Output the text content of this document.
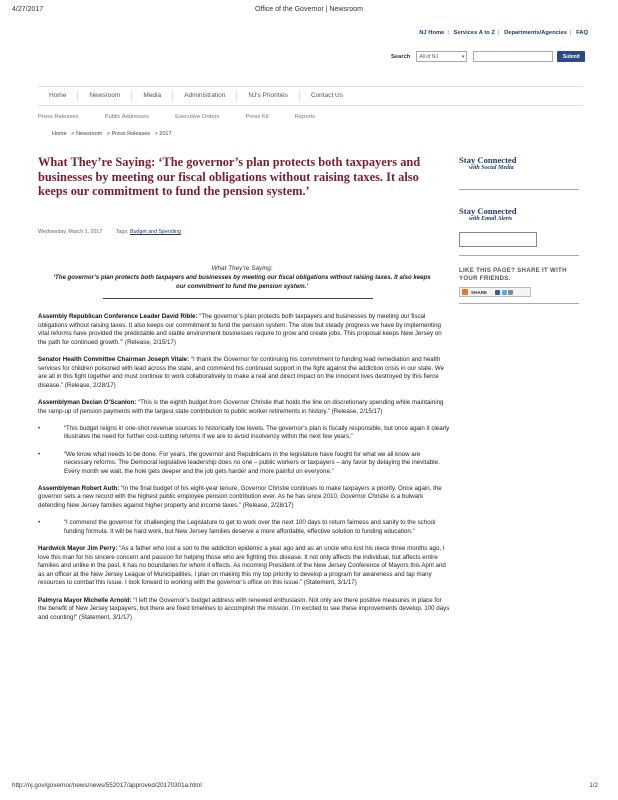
4/27/2017	Office of the Governor | Newsroom
NJ Home | Services A to Z | Departments/Agencies | FAQ
Search All of NJ	▾	Submit
Home	Newsroom	Media	Administration	NJ's Priorities	Contact Us
Press Releases	Public Addresses	Executive Orders	Press Kit	Reports
Home > Newsroom > Press Releases > 2017
What They’re Saying: ‘The governor’s plan protects both taxpayers and businesses by meeting our fiscal obligations without raising taxes. It also keeps our commitment to fund the pension system.’
Wednesday, March 1, 2017	Tags: Budget and Spending
What They’re Saying:
‘The governor’s plan protects both taxpayers and businesses by meeting our fiscal obligations without raising taxes. It also keeps our commitment to fund the pension system.’

Assembly Republican Conference Leader David Rible: “The governor’s plan protects both taxpayers and businesses by meeting our fiscal obligations without raising taxes. It also keeps our commitment to fund the pension system. The slow but steady progress we have by implementing vital reforms have provided the predictable and stable environment businesses require to grow and create jobs. This proposal keeps New Jersey on the path for continued growth.’” (Release, 2/15/17)

Senator Health Committee Chairman Joseph Vitale: “I thank the Governor for continuing his commitment to funding lead remediation and health services for children poisoned with lead across the state, and commend his continued support in the fight against the addiction crisis in our state. We are all in this fight together and must continue to work collaboratively to make a real and direct impact on the innocent lives destroyed by this fierce disease.” (Release, 2/28/17)

Assemblyman Declan O’Scanlon: “This is the eighth budget from Governor Christie that holds the line on discretionary spending while maintaining the ramp-up of pension payments with the largest state contribution to public worker retirements in history.” (Release, 2/15/17)

•	“This budget reigns in one-shot revenue sources to historically low levels. The governor’s plan is fiscally responsible, but once again it clearly illustrates the need for further cost-cutting reforms if we are to avoid insolvency within the next few years.”

•	“We know what needs to be done. For years, the governor and Republicans in the legislature have fought for what we all know are necessary reforms. The Democrat legislative leadership does no one – public workers or taxpayers – any favor by delaying the inevitable. Every month we wait, the hole gets deeper and the job gets harder and more painful on everyone.”

Assemblyman Robert Auth: “In the final budget of his eight-year tenure, Governor Christie continues to make taxpayers a priority. Once again, the governor sets a new record with the highest public employee pension contribution ever. As he has since 2010, Governor Christie is a bulwark defending New Jersey families against higher property and income taxes.” (Release, 2/28/17)

•	“I commend the governor for challenging the Legislature to get to work over the next 100 days to return fairness and sanity to the school funding formula. It will be hard work, but New Jersey families deserve a more affordable, effective solution to funding education.”

Hardwick Mayor Jim Perry: “As a father who lost a son to the addiction epidemic a year ago and as an uncle who lost his niece three months ago, I love this man for his sincere concern and passion for helping those who are fighting this disease. It not only affects the individual, but affects entire families and unlike in the past, it has no boundaries for whom it effects. As incoming President of the New Jersey Conference of Mayors this April and as an officer at the New Jersey League of Municipalities, I plan on making this my top priority to develop a program for awareness and tap many resources to combat this issue. I look forward to working with the governor’s office on this issue.” (Statement, 3/1/17)

Palmyra Mayor Michelle Arnold: “I left the Governor’s budget address with renewed enthusiasm. Not only are there positive measures in place for the benefit of New Jersey taxpayers, but there are fixed timelines to accomplish the mission. I’m excited to see these improvements develop. 100 days and counting!” (Statement, 3/1/17)

Stay Connected
with Social Media
Stay Connected
with Email Alerts
LIKE THIS PAGE? SHARE IT WITH YOUR FRIENDS.
SHARE
http://nj.gov/governor/news/news/552017/approved/20170301a.html	1/2
